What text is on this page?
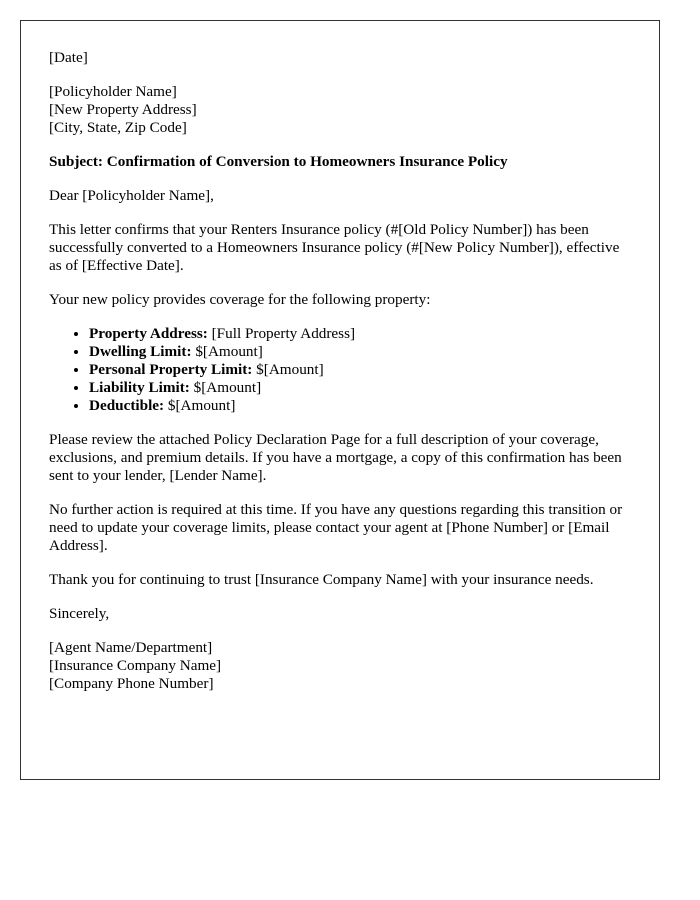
[Date]
[Policyholder Name]
[New Property Address]
[City, State, Zip Code]
Subject: Confirmation of Conversion to Homeowners Insurance Policy
Dear [Policyholder Name],

This letter confirms that your Renters Insurance policy (#[Old Policy Number]) has been successfully converted to a Homeowners Insurance policy (#[New Policy Number]), effective as of [Effective Date].

Your new policy provides coverage for the following property:

• Property Address: [Full Property Address]
• Dwelling Limit: $[Amount]
• Personal Property Limit: $[Amount]
• Liability Limit: $[Amount]
• Deductible: $[Amount]

Please review the attached Policy Declaration Page for a full description of your coverage, exclusions, and premium details. If you have a mortgage, a copy of this confirmation has been sent to your lender, [Lender Name].

No further action is required at this time. If you have any questions regarding this transition or need to update your coverage limits, please contact your agent at [Phone Number] or [Email Address].

Thank you for continuing to trust [Insurance Company Name] with your insurance needs.

Sincerely,
[Agent Name/Department]
[Insurance Company Name]
[Company Phone Number]
